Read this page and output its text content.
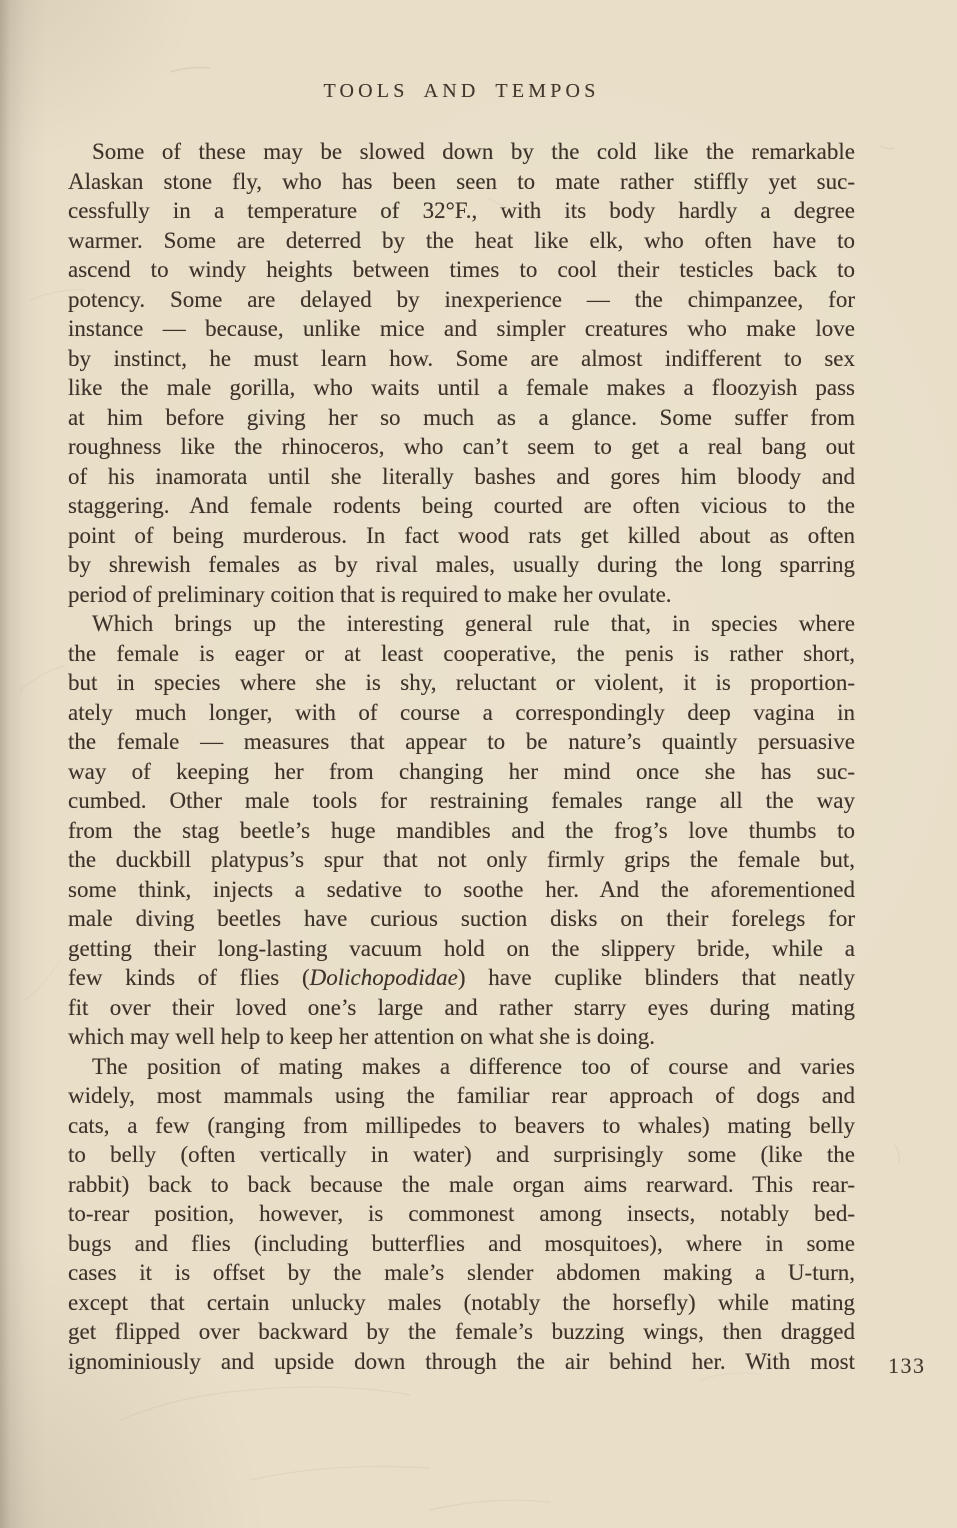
TOOLS AND TEMPOS
Some of these may be slowed down by the cold like the remarkable
Alaskan stone fly, who has been seen to mate rather stiffly yet suc-
cessfully in a temperature of 32°F., with its body hardly a degree
warmer. Some are deterred by the heat like elk, who often have to
ascend to windy heights between times to cool their testicles back to
potency. Some are delayed by inexperience — the chimpanzee, for
instance — because, unlike mice and simpler creatures who make love
by instinct, he must learn how. Some are almost indifferent to sex
like the male gorilla, who waits until a female makes a floozyish pass
at him before giving her so much as a glance. Some suffer from
roughness like the rhinoceros, who can’t seem to get a real bang out
of his inamorata until she literally bashes and gores him bloody and
staggering. And female rodents being courted are often vicious to the
point of being murderous. In fact wood rats get killed about as often
by shrewish females as by rival males, usually during the long sparring
period of preliminary coition that is required to make her ovulate.
Which brings up the interesting general rule that, in species where
the female is eager or at least cooperative, the penis is rather short,
but in species where she is shy, reluctant or violent, it is proportion-
ately much longer, with of course a correspondingly deep vagina in
the female — measures that appear to be nature’s quaintly persuasive
way of keeping her from changing her mind once she has suc-
cumbed. Other male tools for restraining females range all the way
from the stag beetle’s huge mandibles and the frog’s love thumbs to
the duckbill platypus’s spur that not only firmly grips the female but,
some think, injects a sedative to soothe her. And the aforementioned
male diving beetles have curious suction disks on their forelegs for
getting their long-lasting vacuum hold on the slippery bride, while a
few kinds of flies (Dolichopodidae) have cuplike blinders that neatly
fit over their loved one’s large and rather starry eyes during mating
which may well help to keep her attention on what she is doing.
The position of mating makes a difference too of course and varies
widely, most mammals using the familiar rear approach of dogs and
cats, a few (ranging from millipedes to beavers to whales) mating belly
to belly (often vertically in water) and surprisingly some (like the
rabbit) back to back because the male organ aims rearward. This rear-
to-rear position, however, is commonest among insects, notably bed-
bugs and flies (including butterflies and mosquitoes), where in some
cases it is offset by the male’s slender abdomen making a U-turn,
except that certain unlucky males (notably the horsefly) while mating
get flipped over backward by the female’s buzzing wings, then dragged
ignominiously and upside down through the air behind her. With most 133
